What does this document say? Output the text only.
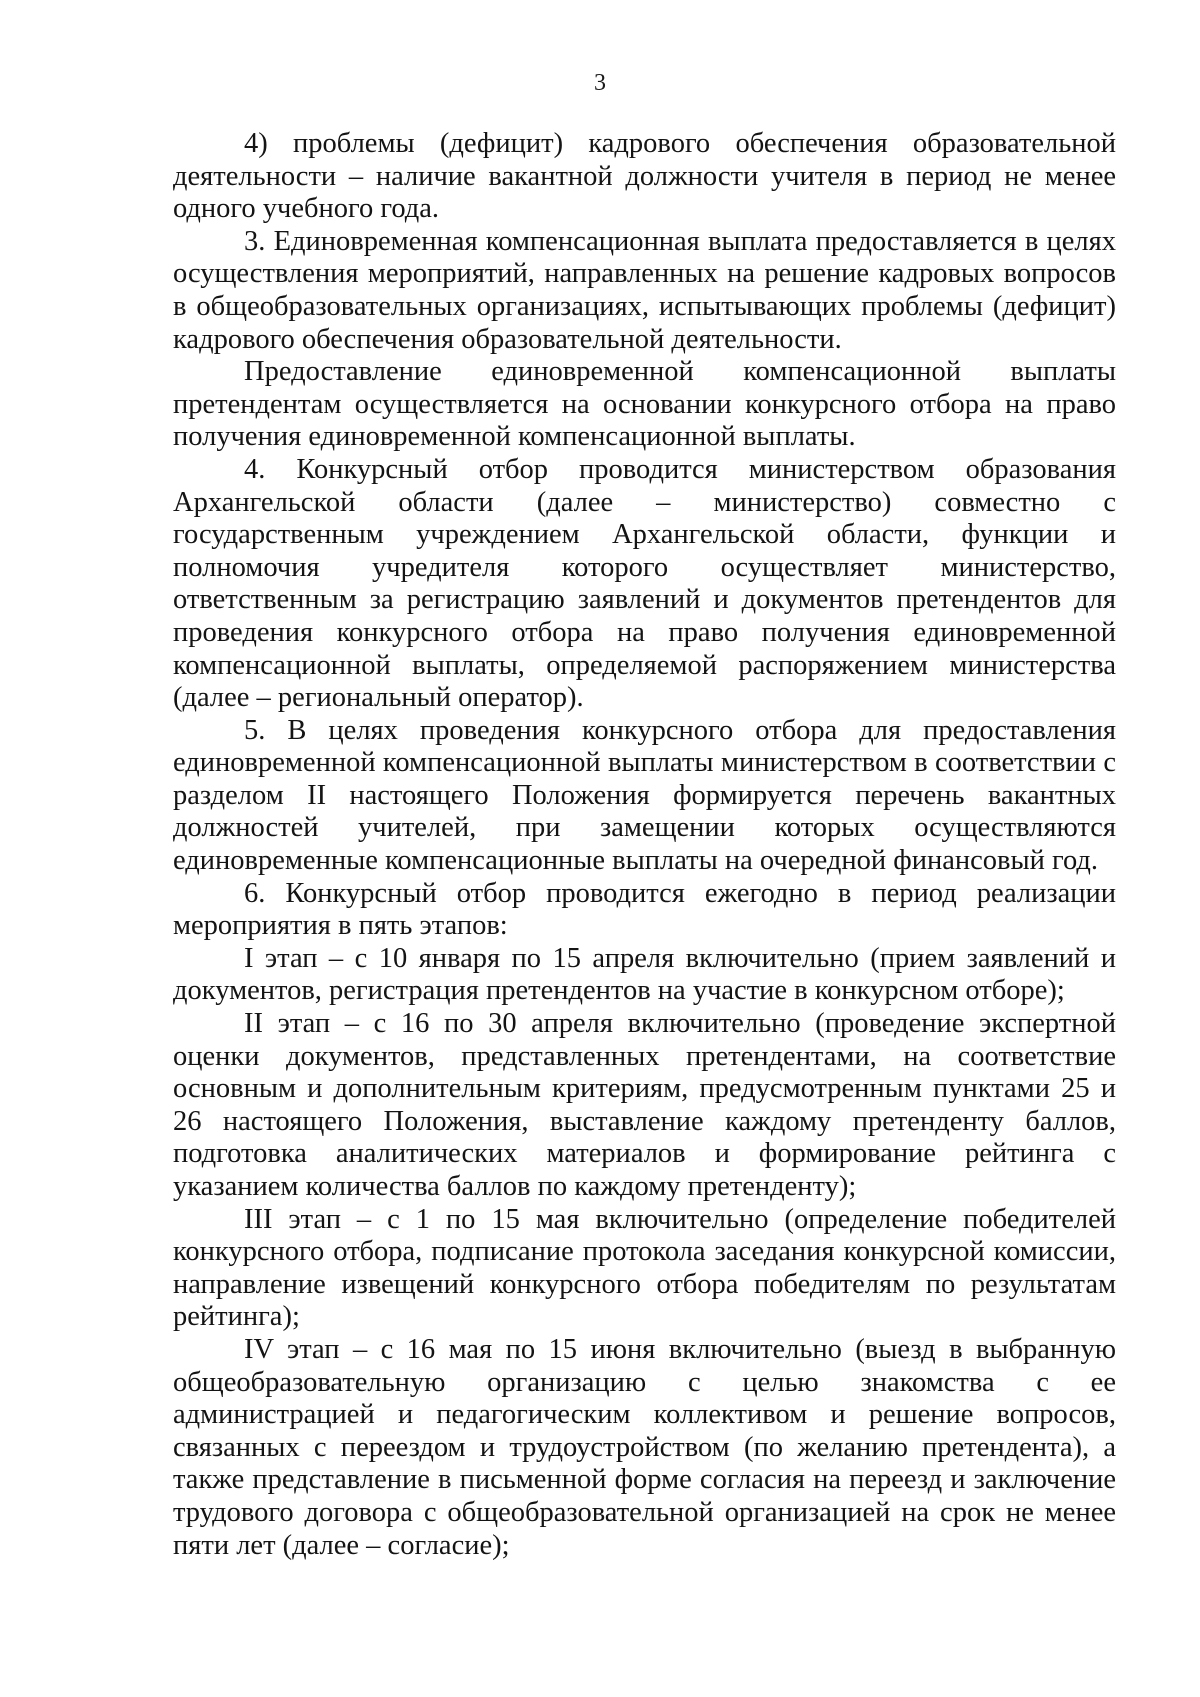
3

4) проблемы (дефицит) кадрового обеспечения образовательной деятельности – наличие вакантной должности учителя в период не менее одного учебного года.

3. Единовременная компенсационная выплата предоставляется в целях осуществления мероприятий, направленных на решение кадровых вопросов в общеобразовательных организациях, испытывающих проблемы (дефицит) кадрового обеспечения образовательной деятельности.

Предоставление единовременной компенсационной выплаты претендентам осуществляется на основании конкурсного отбора на право получения единовременной компенсационной выплаты.

4. Конкурсный отбор проводится министерством образования Архангельской области (далее – министерство) совместно с государственным учреждением Архангельской области, функции и полномочия учредителя которого осуществляет министерство, ответственным за регистрацию заявлений и документов претендентов для проведения конкурсного отбора на право получения единовременной компенсационной выплаты, определяемой распоряжением министерства (далее – региональный оператор).

5. В целях проведения конкурсного отбора для предоставления единовременной компенсационной выплаты министерством в соответствии с разделом II настоящего Положения формируется перечень вакантных должностей учителей, при замещении которых осуществляются единовременные компенсационные выплаты на очередной финансовый год.

6. Конкурсный отбор проводится ежегодно в период реализации мероприятия в пять этапов:

I этап – с 10 января по 15 апреля включительно (прием заявлений и документов, регистрация претендентов на участие в конкурсном отборе);

II этап – с 16 по 30 апреля включительно (проведение экспертной оценки документов, представленных претендентами, на соответствие основным и дополнительным критериям, предусмотренным пунктами 25 и 26 настоящего Положения, выставление каждому претенденту баллов, подготовка аналитических материалов и формирование рейтинга с указанием количества баллов по каждому претенденту);

III этап – с 1 по 15 мая включительно (определение победителей конкурсного отбора, подписание протокола заседания конкурсной комиссии, направление извещений конкурсного отбора победителям по результатам рейтинга);

IV этап – с 16 мая по 15 июня включительно (выезд в выбранную общеобразовательную организацию с целью знакомства с ее администрацией и педагогическим коллективом и решение вопросов, связанных с переездом и трудоустройством (по желанию претендента), а также представление в письменной форме согласия на переезд и заключение трудового договора с общеобразовательной организацией на срок не менее пяти лет (далее – согласие);
